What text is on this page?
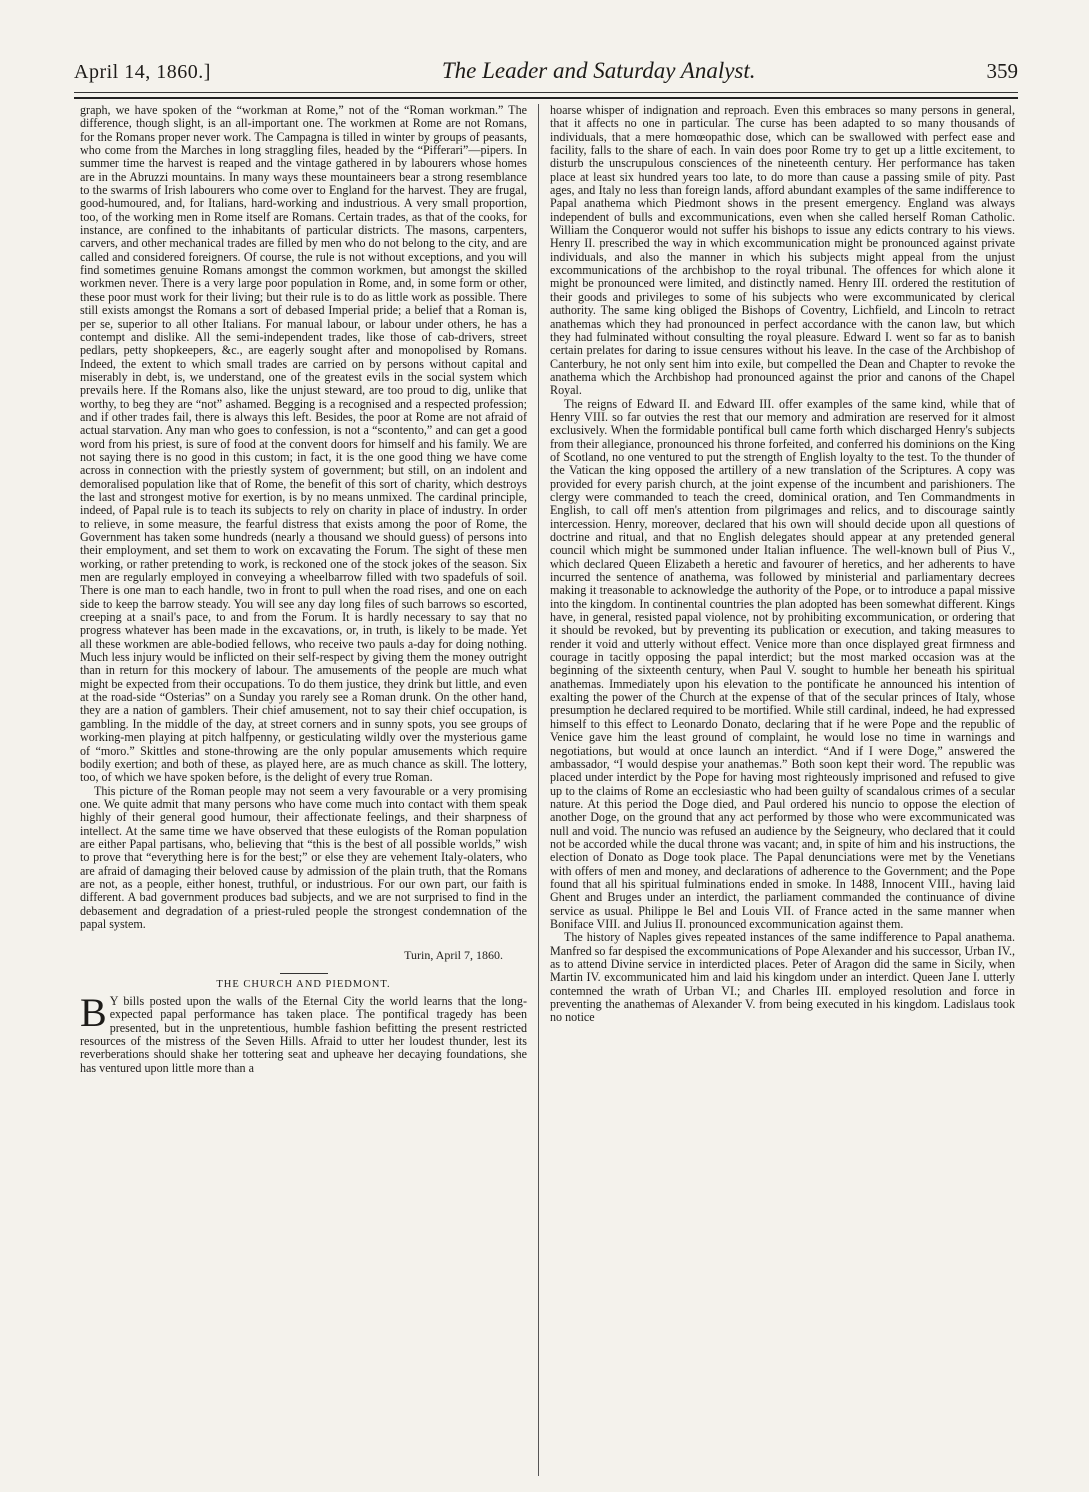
April 14, 1860.]	The Leader and Saturday Analyst.	359

graph, we have spoken of the “workman at Rome,” not of the “Roman workman.” The difference, though slight, is an all-important one. The workmen at Rome are not Romans, for the Romans proper never work. The Campagna is tilled in winter by groups of peasants, who come from the Marches in long straggling files, headed by the “Pifferari”—pipers. In summer time the harvest is reaped and the vintage gathered in by labourers whose homes are in the Abruzzi mountains. In many ways these mountaineers bear a strong resemblance to the swarms of Irish labourers who come over to England for the harvest. They are frugal, good-humoured, and, for Italians, hard-working and industrious. A very small proportion, too, of the working men in Rome itself are Romans. Certain trades, as that of the cooks, for instance, are confined to the inhabitants of particular districts. The masons, carpenters, carvers, and other mechanical trades are filled by men who do not belong to the city, and are called and considered foreigners. Of course, the rule is not without exceptions, and you will find sometimes genuine Romans amongst the common workmen, but amongst the skilled workmen never. There is a very large poor population in Rome, and, in some form or other, these poor must work for their living; but their rule is to do as little work as possible. There still exists amongst the Romans a sort of debased Imperial pride; a belief that a Roman is, per se, superior to all other Italians. For manual labour, or labour under others, he has a contempt and dislike. All the semi-independent trades, like those of cab-drivers, street pedlars, petty shopkeepers, &c., are eagerly sought after and monopolised by Romans. Indeed, the extent to which small trades are carried on by persons without capital and miserably in debt, is, we understand, one of the greatest evils in the social system which prevails here. If the Romans also, like the unjust steward, are too proud to dig, unlike that worthy, to beg they are “not” ashamed. Begging is a recognised and a respected profession; and if other trades fail, there is always this left. Besides, the poor at Rome are not afraid of actual starvation. Any man who goes to confession, is not a “scontento,” and can get a good word from his priest, is sure of food at the convent doors for himself and his family. We are not saying there is no good in this custom; in fact, it is the one good thing we have come across in connection with the priestly system of government; but still, on an indolent and demoralised population like that of Rome, the benefit of this sort of charity, which destroys the last and strongest motive for exertion, is by no means unmixed. The cardinal principle, indeed, of Papal rule is to teach its subjects to rely on charity in place of industry. In order to relieve, in some measure, the fearful distress that exists among the poor of Rome, the Government has taken some hundreds (nearly a thousand we should guess) of persons into their employment, and set them to work on excavating the Forum. The sight of these men working, or rather pretending to work, is reckoned one of the stock jokes of the season. Six men are regularly employed in conveying a wheelbarrow filled with two spadefuls of soil. There is one man to each handle, two in front to pull when the road rises, and one on each side to keep the barrow steady. You will see any day long files of such barrows so escorted, creeping at a snail's pace, to and from the Forum. It is hardly necessary to say that no progress whatever has been made in the excavations, or, in truth, is likely to be made. Yet all these workmen are able-bodied fellows, who receive two pauls a-day for doing nothing. Much less injury would be inflicted on their self-respect by giving them the money outright than in return for this mockery of labour. The amusements of the people are much what might be expected from their occupations. To do them justice, they drink but little, and even at the road-side “Osterias” on a Sunday you rarely see a Roman drunk. On the other hand, they are a nation of gamblers. Their chief amusement, not to say their chief occupation, is gambling. In the middle of the day, at street corners and in sunny spots, you see groups of working-men playing at pitch halfpenny, or gesticulating wildly over the mysterious game of “moro.” Skittles and stone-throwing are the only popular amusements which require bodily exertion; and both of these, as played here, are as much chance as skill. The lottery, too, of which we have spoken before, is the delight of every true Roman.

This picture of the Roman people may not seem a very favourable or a very promising one. We quite admit that many persons who have come much into contact with them speak highly of their general good humour, their affectionate feelings, and their sharpness of intellect. At the same time we have observed that these eulogists of the Roman population are either Papal partisans, who, believing that “this is the best of all possible worlds,” wish to prove that “everything here is for the best;” or else they are vehement Italy-olaters, who are afraid of damaging their beloved cause by admission of the plain truth, that the Romans are not, as a people, either honest, truthful, or industrious. For our own part, our faith is different. A bad government produces bad subjects, and we are not surprised to find in the debasement and degradation of a priest-ruled people the strongest condemnation of the papal system.

Turin, April 7, 1860.
THE CHURCH AND PIEDMONT.

B Y bills posted upon the walls of the Eternal City the world learns that the long-expected papal performance has taken place. The pontifical tragedy has been presented, but in the unpretentious, humble fashion befitting the present restricted resources of the mistress of the Seven Hills. Afraid to utter her loudest thunder, lest its reverberations should shake her tottering seat and upheave her decaying foundations, she has ventured upon little more than a

hoarse whisper of indignation and reproach. Even this embraces so many persons in general, that it affects no one in particular. The curse has been adapted to so many thousands of individuals, that a mere homœopathic dose, which can be swallowed with perfect ease and facility, falls to the share of each. In vain does poor Rome try to get up a little excitement, to disturb the unscrupulous consciences of the nineteenth century. Her performance has taken place at least six hundred years too late, to do more than cause a passing smile of pity. Past ages, and Italy no less than foreign lands, afford abundant examples of the same indifference to Papal anathema which Piedmont shows in the present emergency. England was always independent of bulls and excommunications, even when she called herself Roman Catholic. William the Conqueror would not suffer his bishops to issue any edicts contrary to his views. Henry II. prescribed the way in which excommunication might be pronounced against private individuals, and also the manner in which his subjects might appeal from the unjust excommunications of the archbishop to the royal tribunal. The offences for which alone it might be pronounced were limited, and distinctly named. Henry III. ordered the restitution of their goods and privileges to some of his subjects who were excommunicated by clerical authority. The same king obliged the Bishops of Coventry, Lichfield, and Lincoln to retract anathemas which they had pronounced in perfect accordance with the canon law, but which they had fulminated without consulting the royal pleasure. Edward I. went so far as to banish certain prelates for daring to issue censures without his leave. In the case of the Archbishop of Canterbury, he not only sent him into exile, but compelled the Dean and Chapter to revoke the anathema which the Archbishop had pronounced against the prior and canons of the Chapel Royal.

The reigns of Edward II. and Edward III. offer examples of the same kind, while that of Henry VIII. so far outvies the rest that our memory and admiration are reserved for it almost exclusively. When the formidable pontifical bull came forth which discharged Henry's subjects from their allegiance, pronounced his throne forfeited, and conferred his dominions on the King of Scotland, no one ventured to put the strength of English loyalty to the test. To the thunder of the Vatican the king opposed the artillery of a new translation of the Scriptures. A copy was provided for every parish church, at the joint expense of the incumbent and parishioners. The clergy were commanded to teach the creed, dominical oration, and Ten Commandments in English, to call off men's attention from pilgrimages and relics, and to discourage saintly intercession. Henry, moreover, declared that his own will should decide upon all questions of doctrine and ritual, and that no English delegates should appear at any pretended general council which might be summoned under Italian influence. The well-known bull of Pius V., which declared Queen Elizabeth a heretic and favourer of heretics, and her adherents to have incurred the sentence of anathema, was followed by ministerial and parliamentary decrees making it treasonable to acknowledge the authority of the Pope, or to introduce a papal missive into the kingdom. In continental countries the plan adopted has been somewhat different. Kings have, in general, resisted papal violence, not by prohibiting excommunication, or ordering that it should be revoked, but by preventing its publication or execution, and taking measures to render it void and utterly without effect. Venice more than once displayed great firmness and courage in tacitly opposing the papal interdict; but the most marked occasion was at the beginning of the sixteenth century, when Paul V. sought to humble her beneath his spiritual anathemas. Immediately upon his elevation to the pontificate he announced his intention of exalting the power of the Church at the expense of that of the secular princes of Italy, whose presumption he declared required to be mortified. While still cardinal, indeed, he had expressed himself to this effect to Leonardo Donato, declaring that if he were Pope and the republic of Venice gave him the least ground of complaint, he would lose no time in warnings and negotiations, but would at once launch an interdict. “And if I were Doge,” answered the ambassador, “I would despise your anathemas.” Both soon kept their word. The republic was placed under interdict by the Pope for having most righteously imprisoned and refused to give up to the claims of Rome an ecclesiastic who had been guilty of scandalous crimes of a secular nature. At this period the Doge died, and Paul ordered his nuncio to oppose the election of another Doge, on the ground that any act performed by those who were excommunicated was null and void. The nuncio was refused an audience by the Seigneury, who declared that it could not be accorded while the ducal throne was vacant; and, in spite of him and his instructions, the election of Donato as Doge took place. The Papal denunciations were met by the Venetians with offers of men and money, and declarations of adherence to the Government; and the Pope found that all his spiritual fulminations ended in smoke. In 1488, Innocent VIII., having laid Ghent and Bruges under an interdict, the parliament commanded the continuance of divine service as usual. Philippe le Bel and Louis VII. of France acted in the same manner when Boniface VIII. and Julius II. pronounced excommunication against them.

The history of Naples gives repeated instances of the same indifference to Papal anathema. Manfred so far despised the excommunications of Pope Alexander and his successor, Urban IV., as to attend Divine service in interdicted places. Peter of Aragon did the same in Sicily, when Martin IV. excommunicated him and laid his kingdom under an interdict. Queen Jane I. utterly contemned the wrath of Urban VI.; and Charles III. employed resolution and force in preventing the anathemas of Alexander V. from being executed in his kingdom. Ladislaus took no notice
